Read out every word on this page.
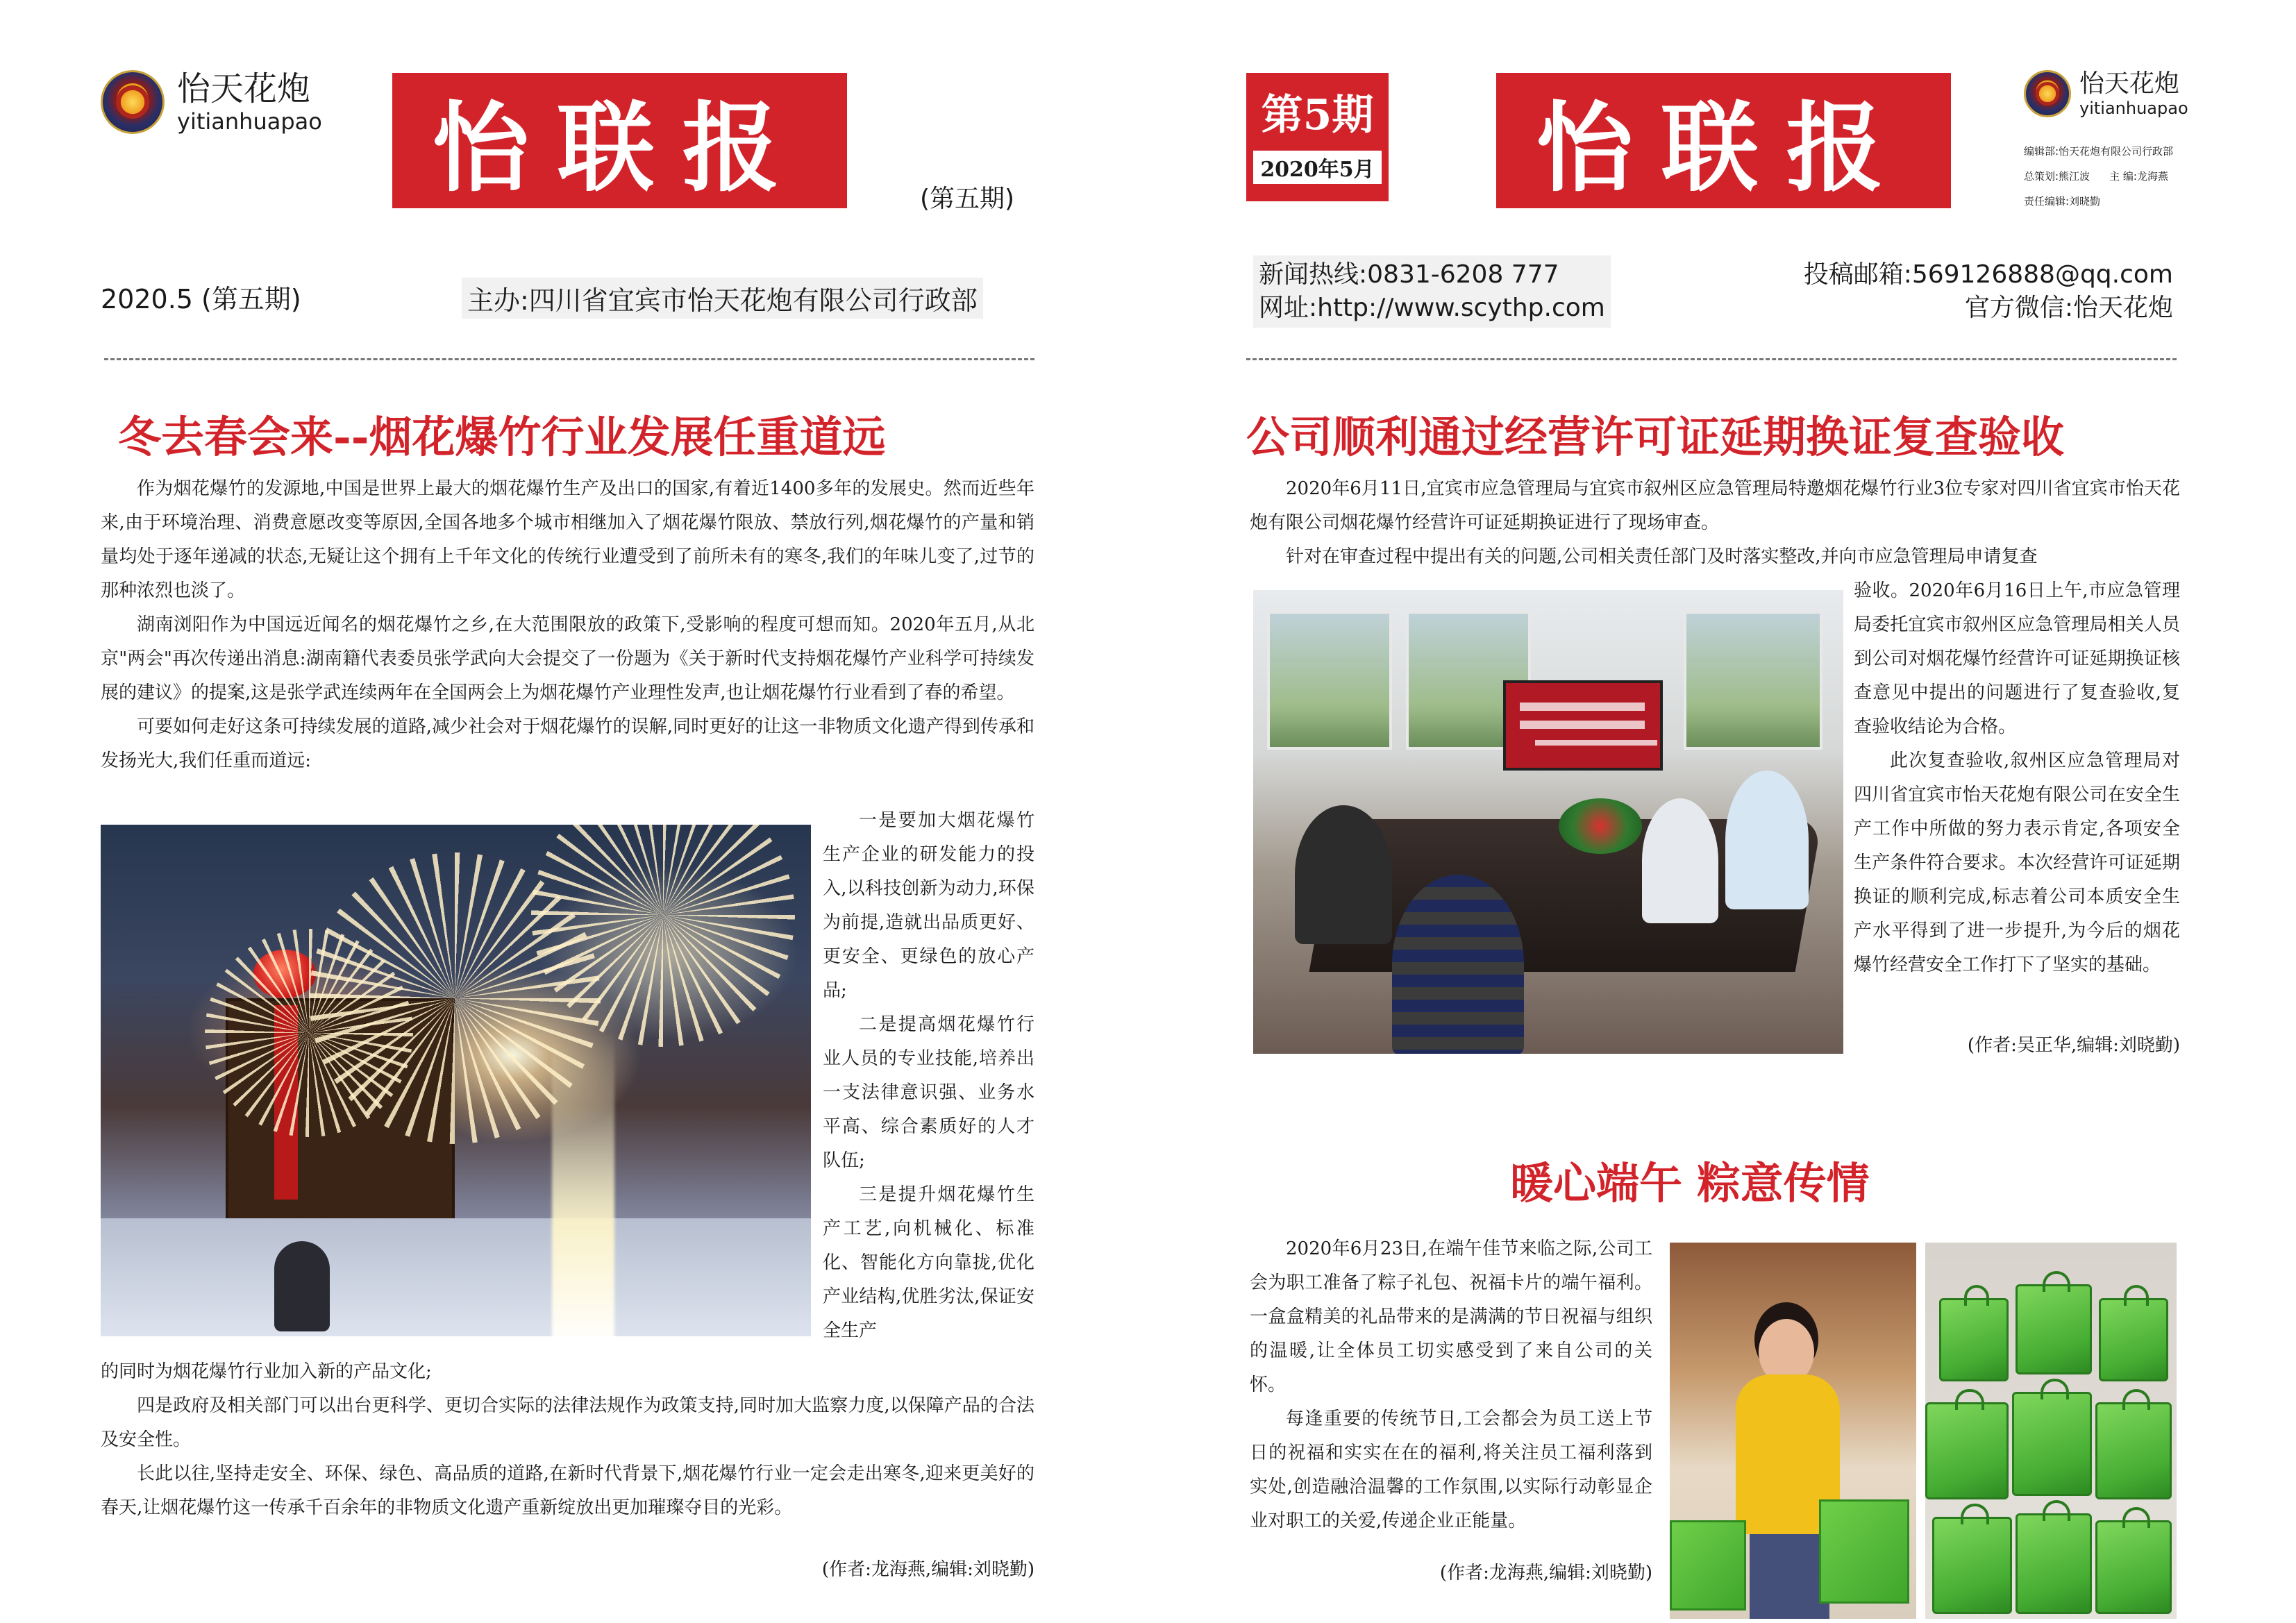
怡天花炮
yitianhuapao 怡联报	(第五期)
2020.5 (第五期)	主办:四川省宜宾市怡天花炮有限公司行政部
冬去春会来--烟花爆竹行业发展任重道远

作为烟花爆竹的发源地,中国是世界上最大的烟花爆竹生产及出口的国家,有着近1400多年的发展史。然而近些年来,由于环境治理、消费意愿改变等原因,全国各地多个城市相继加入了烟花爆竹限放、禁放行列,烟花爆竹的产量和销量均处于逐年递减的状态,无疑让这个拥有上千年文化的传统行业遭受到了前所未有的寒冬,我们的年味儿变了,过节的那种浓烈也淡了。

湖南浏阳作为中国远近闻名的烟花爆竹之乡,在大范围限放的政策下,受影响的程度可想而知。2020年五月,从北京"两会"再次传递出消息:湖南籍代表委员张学武向大会提交了一份题为《关于新时代支持烟花爆竹产业科学可持续发展的建议》的提案,这是张学武连续两年在全国两会上为烟花爆竹产业理性发声,也让烟花爆竹行业看到了春的希望。

可要如何走好这条可持续发展的道路,减少社会对于烟花爆竹的误解,同时更好的让这一非物质文化遗产得到传承和发扬光大,我们任重而道远:

一是要加大烟花爆竹生产企业的研发能力的投入,以科技创新为动力,环保为前提,造就出品质更好、更安全、更绿色的放心产品;

二是提高烟花爆竹行业人员的专业技能,培养出一支法律意识强、业务水平高、综合素质好的人才队伍;

三是提升烟花爆竹生产工艺,向机械化、标准化、智能化方向靠拢,优化产业结构,优胜劣汰,保证安全生产

的同时为烟花爆竹行业加入新的产品文化;

四是政府及相关部门可以出台更科学、更切合实际的法律法规作为政策支持,同时加大监察力度,以保障产品的合法及安全性。

长此以往,坚持走安全、环保、绿色、高品质的道路,在新时代背景下,烟花爆竹行业一定会走出寒冬,迎来更美好的春天,让烟花爆竹这一传承千百余年的非物质文化遗产重新绽放出更加璀璨夺目的光彩。

(作者:龙海燕,编辑:刘晓勤)
第5期
2020年5月 怡联报
怡天花炮
yitianhuapao
编辑部:怡天花炮有限公司行政部
总策划:熊江波 主 编:龙海燕
责任编辑:刘晓勤
新闻热线:0831-6208 777
网址:http://www.scythp.com
投稿邮箱:569126888@qq.com
官方微信:怡天花炮
公司顺利通过经营许可证延期换证复查验收

2020年6月11日,宜宾市应急管理局与宜宾市叙州区应急管理局特邀烟花爆竹行业3位专家对四川省宜宾市怡天花炮有限公司烟花爆竹经营许可证延期换证进行了现场审查。

针对在审查过程中提出有关的问题,公司相关责任部门及时落实整改,并向市应急管理局申请复查

验收。2020年6月16日上午,市应急管理局委托宜宾市叙州区应急管理局相关人员到公司对烟花爆竹经营许可证延期换证核查意见中提出的问题进行了复查验收,复查验收结论为合格。

此次复查验收,叙州区应急管理局对四川省宜宾市怡天花炮有限公司在安全生产工作中所做的努力表示肯定,各项安全生产条件符合要求。本次经营许可证延期换证的顺利完成,标志着公司本质安全生产水平得到了进一步提升,为今后的烟花爆竹经营安全工作打下了坚实的基础。

(作者:吴正华,编辑:刘晓勤)
暖心端午 粽意传情

2020年6月23日,在端午佳节来临之际,公司工会为职工准备了粽子礼包、祝福卡片的端午福利。一盒盒精美的礼品带来的是满满的节日祝福与组织的温暖,让全体员工切实感受到了来自公司的关怀。

每逢重要的传统节日,工会都会为员工送上节日的祝福和实实在在的福利,将关注员工福利落到实处,创造融洽温馨的工作氛围,以实际行动彰显企业对职工的关爱,传递企业正能量。

(作者:龙海燕,编辑:刘晓勤)
